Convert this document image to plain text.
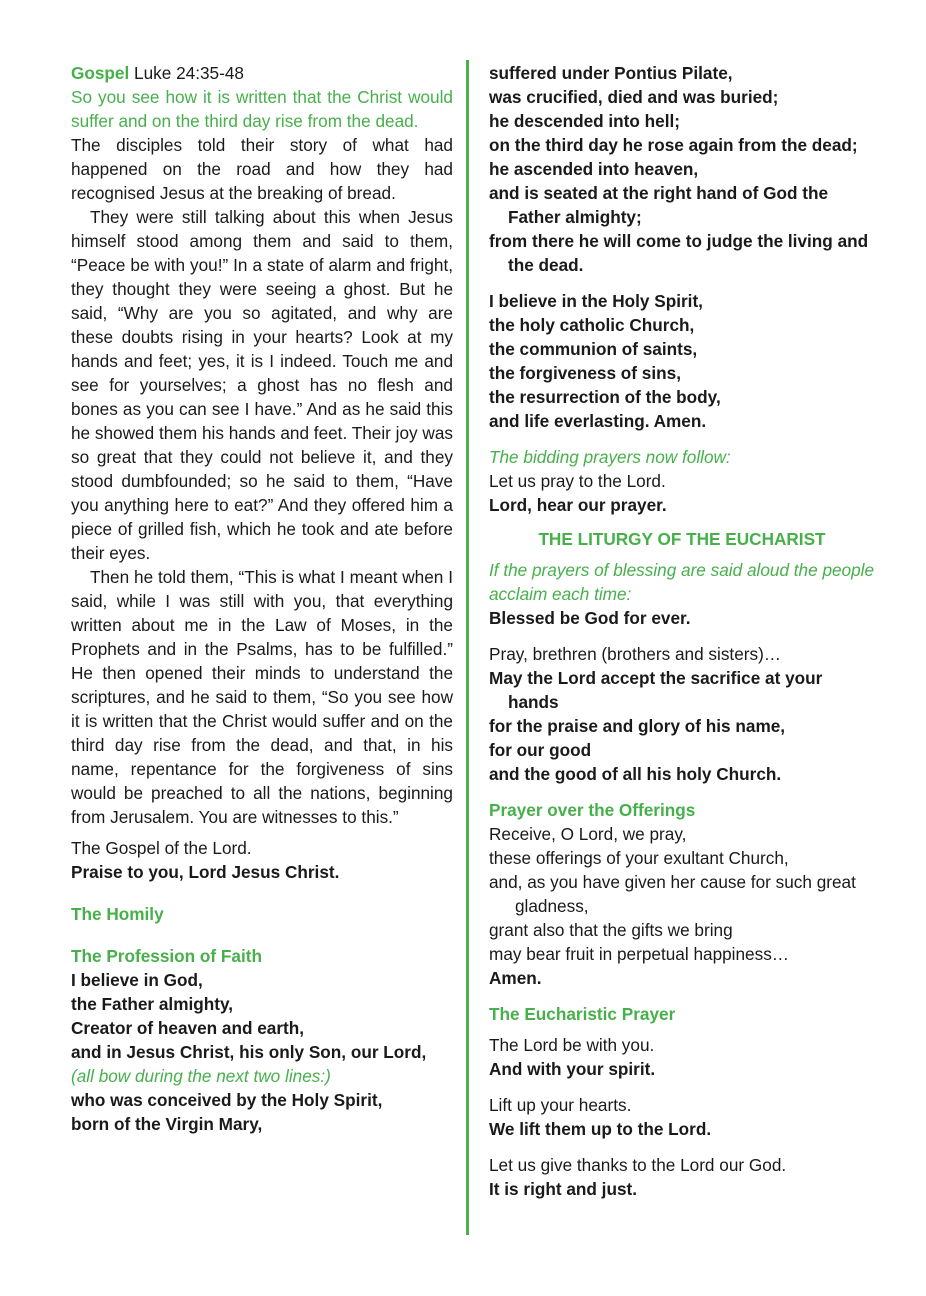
Gospel Luke 24:35-48

So you see how it is written that the Christ would suffer and on the third day rise from the dead.

The disciples told their story of what had happened on the road and how they had recognised Jesus at the breaking of bread.

They were still talking about this when Jesus himself stood among them and said to them, “Peace be with you!” In a state of alarm and fright, they thought they were seeing a ghost. But he said, “Why are you so agitated, and why are these doubts rising in your hearts? Look at my hands and feet; yes, it is I indeed. Touch me and see for yourselves; a ghost has no flesh and bones as you can see I have.” And as he said this he showed them his hands and feet. Their joy was so great that they could not believe it, and they stood dumbfounded; so he said to them, “Have you anything here to eat?” And they offered him a piece of grilled fish, which he took and ate before their eyes.

Then he told them, “This is what I meant when I said, while I was still with you, that everything written about me in the Law of Moses, in the Prophets and in the Psalms, has to be fulfilled.” He then opened their minds to understand the scriptures, and he said to them, “So you see how it is written that the Christ would suffer and on the third day rise from the dead, and that, in his name, repentance for the forgiveness of sins would be preached to all the nations, beginning from Jerusalem. You are witnesses to this.”

The Gospel of the Lord.

Praise to you, Lord Jesus Christ.

The Homily

The Profession of Faith

I believe in God,

the Father almighty,

Creator of heaven and earth,

and in Jesus Christ, his only Son, our Lord,

(all bow during the next two lines:)

who was conceived by the Holy Spirit,

born of the Virgin Mary,

suffered under Pontius Pilate,

was crucified, died and was buried;

he descended into hell;

on the third day he rose again from the dead;

he ascended into heaven,

and is seated at the right hand of God the Father almighty;

from there he will come to judge the living and the dead.

I believe in the Holy Spirit,

the holy catholic Church,

the communion of saints,

the forgiveness of sins,

the resurrection of the body,

and life everlasting. Amen.

The bidding prayers now follow:

Let us pray to the Lord.

Lord, hear our prayer.

THE LITURGY OF THE EUCHARIST

If the prayers of blessing are said aloud the people acclaim each time:

Blessed be God for ever.

Pray, brethren (brothers and sisters)…

May the Lord accept the sacrifice at your hands

for the praise and glory of his name,

for our good

and the good of all his holy Church.

Prayer over the Offerings

Receive, O Lord, we pray,

these offerings of your exultant Church,

and, as you have given her cause for such great gladness,

grant also that the gifts we bring

may bear fruit in perpetual happiness…

Amen.

The Eucharistic Prayer

The Lord be with you.

And with your spirit.

Lift up your hearts.

We lift them up to the Lord.

Let us give thanks to the Lord our God.

It is right and just.
